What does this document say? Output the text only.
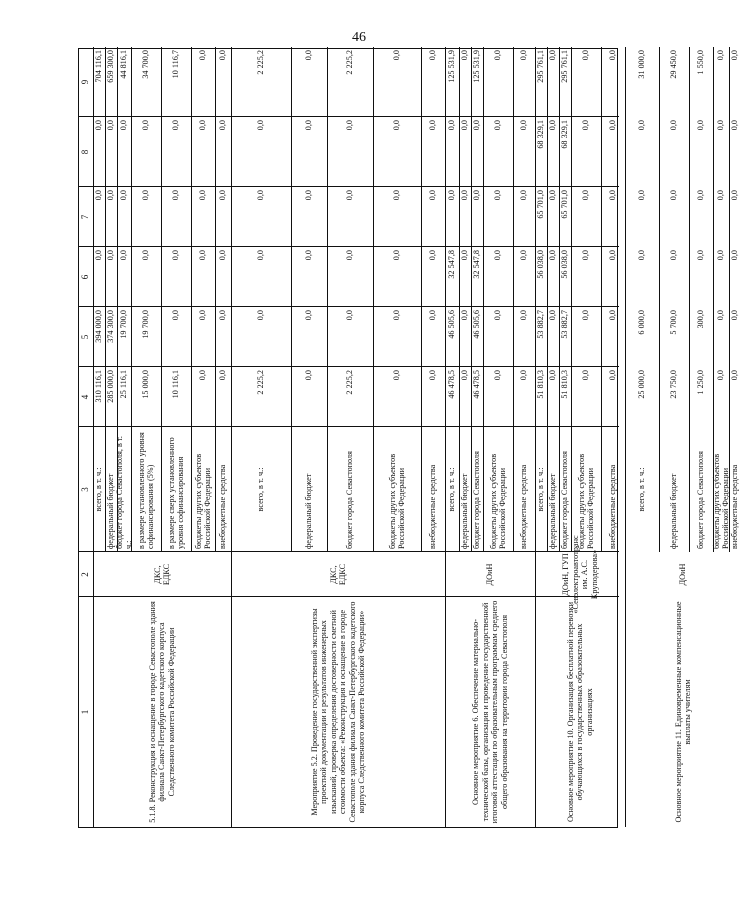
46
1
2
3
4
5
6
7
8
9
5.1.8. Реконструкция и оснащение в городе Севастополе здания филиала Санкт-Петербургского кадетского корпуса Следственного комитета Российской Федерации
ДКС, ЕДКС
всего, в т. ч.:
310 116,1
394 000,0
0,0
0,0
0,0
704 116,1
федеральный бюджет
285 000,0
374 300,0
0,0
0,0
0,0
659 300,0
бюджет города Севастополя, в т. ч.:
25 116,1
19 700,0
0,0
0,0
0,0
44 816,1
в размере установленного уровня софинансирования (5%)
15 000,0
19 700,0
0,0
0,0
0,0
34 700,0
в размере сверх установленного уровня софинансирования
10 116,1
0,0
0,0
0,0
0,0
10 116,7
бюджеты других субъектов Российской Федерации
0,0
0,0
0,0
0,0
0,0
0,0
внебюджетные средства
0,0
0,0
0,0
0,0
0,0
0,0
Мероприятие 5.2. Проведение государственной экспертизы проектной документации и результатов инженерных изысканий, проверка определения достоверности сметной стоимости объекта: «Реконструкция и оснащение в городе Севастополе здания филиала Санкт-Петербургского кадетского корпуса Следственного комитета Российской Федерации»
ДКС, ЕДКС
всего, в т. ч.:
2 225,2
0,0
0,0
0,0
0,0
2 225,2
федеральный бюджет
0,0
0,0
0,0
0,0
0,0
0,0
бюджет города Севастополя
2 225,2
0,0
0,0
0,0
0,0
2 225,2
бюджеты других субъектов Российской Федерации
0,0
0,0
0,0
0,0
0,0
0,0
внебюджетные средства
0,0
0,0
0,0
0,0
0,0
0,0
Основное мероприятие 6. Обеспечение материально-технической базы, организация и проведение государственной итоговой аттестации по образовательным программам среднего общего образования на территории города Севастополя
ДОиН
всего, в т. ч.:
46 478,5
46 505,6
32 547,8
0,0
0,0
125 531,9
федеральный бюджет
0,0
0,0
0,0
0,0
0,0
0,0
бюджет города Севастополя
46 478,5
46 505,6
32 547,8
0,0
0,0
125 531,9
бюджеты других субъектов Российской Федерации
0,0
0,0
0,0
0,0
0,0
0,0
внебюджетные средства
0,0
0,0
0,0
0,0
0,0
0,0
Основное мероприятие 10. Организация бесплатной перевозки обучающихся в государственных образовательных организациях
ДОиН, ГУП «Севэлектроавтотранс им. А.С. Круподерова»
всего, в т. ч.:
51 810,3
53 882,7
56 038,0
65 701,0
68 329,1
295 761,1
федеральный бюджет
0,0
0,0
0,0
0,0
0,0
0,0
бюджет города Севастополя
51 810,3
53 882,7
56 038,0
65 701,0
68 329,1
295 761,1
бюджеты других субъектов Российской Федерации
0,0
0,0
0,0
0,0
0,0
0,0
внебюджетные средства
0,0
0,0
0,0
0,0
0,0
0,0
Основное мероприятие 11. Единовременные компенсационные выплаты учителям
ДОиН
всего, в т. ч.:
25 000,0
6 000,0
0,0
0,0
0,0
31 000,0
федеральный бюджет
23 750,0
5 700,0
0,0
0,0
0,0
29 450,0
бюджет города Севастополя
1 250,0
300,0
0,0
0,0
0,0
1 550,0
бюджеты других субъектов Российской Федерации
0,0
0,0
0,0
0,0
0,0
0,0
внебюджетные средства
0,0
0,0
0,0
0,0
0,0
0,0
